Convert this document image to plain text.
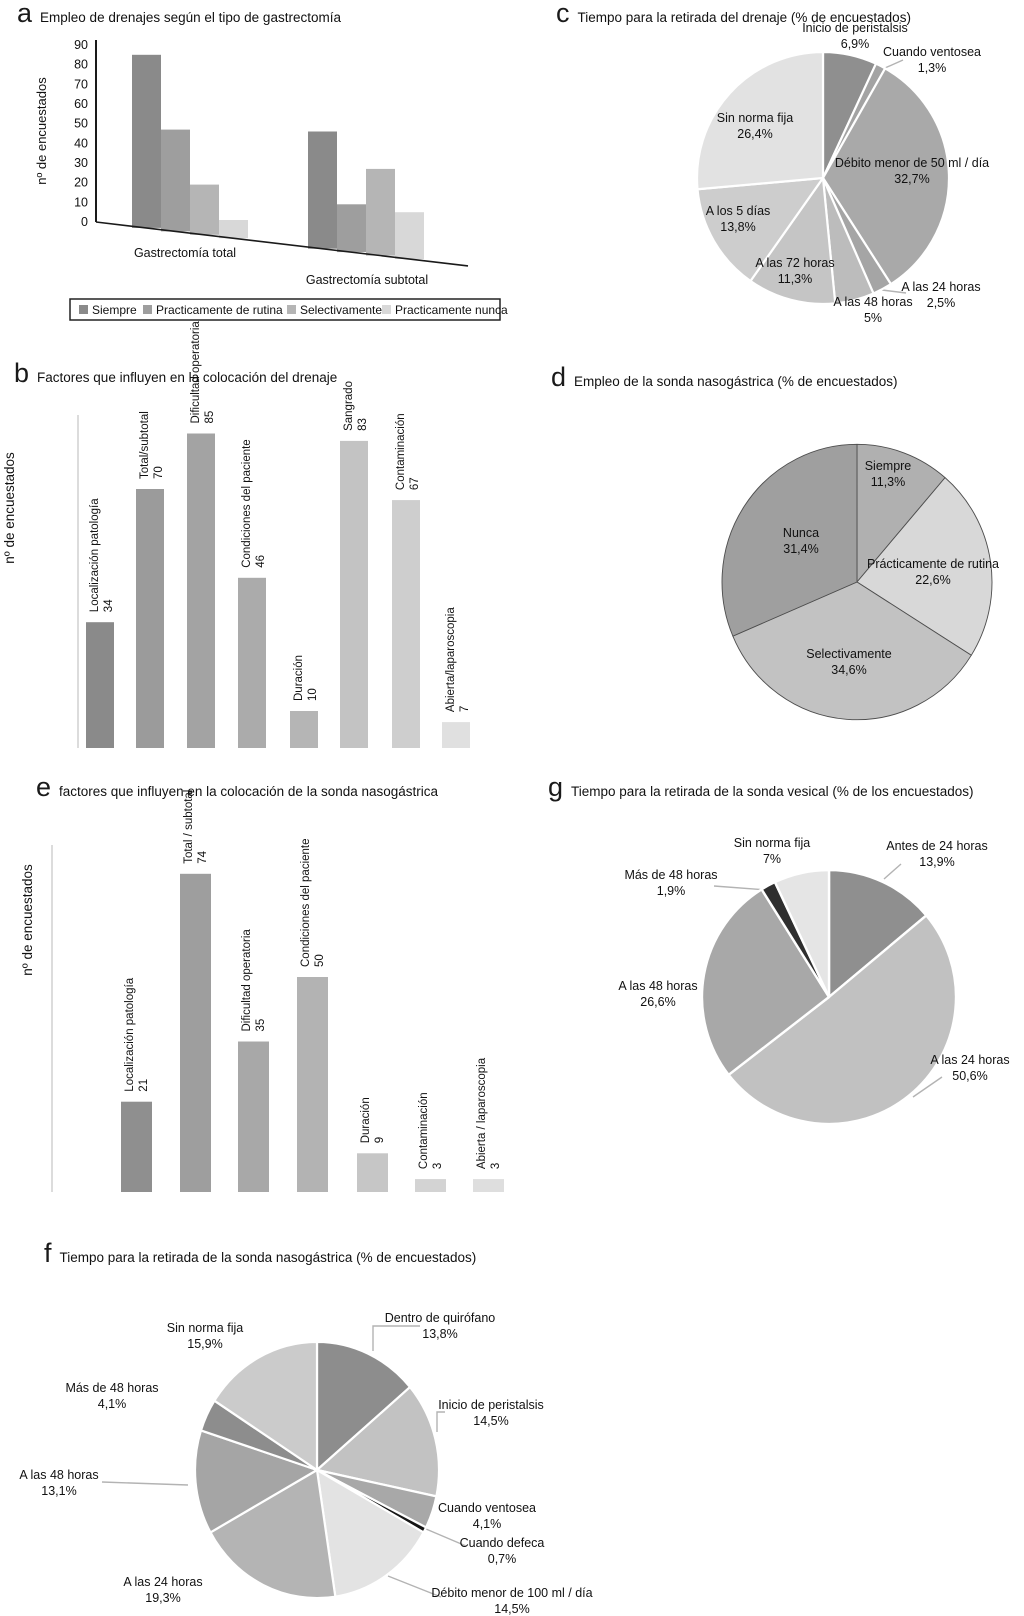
nº de encuestados
90
80
70
60
50
40
30
20
10
0
Gastrectomía total
Gastrectomía subtotal
Siempre Practicamente de rutina Selectivamente Practicamente nunca
nº de encuestados	Localización patología 34
Total/subtotal 70
Dificultad operatoria 85
Condiciones del paciente 46
Duración 10
Sangrado 83 Contaminación 67
Abierta/laparoscopia 7
nº de encuestados
Localización patología 21
Total / subtotal 74
Dificultad operatoria 35
Condiciones del paciente 50
Duración 9	Contaminación 3	Abierta / laparoscopia 3
Inicio de peristalsis
6,9%
Cuando ventosea
1,3%
Débito menor de 50 ml / día
32,7%
A las 24 horas
2,5%
A las 48 horas
5%
A las 72 horas
11,3%
A los 5 días
13,8%
Sin norma fija
26,4%
Siempre
11,3%
Prácticamente de rutina
22,6%
Selectivamente
34,6%
Nunca
31,4%
Antes de 24 horas
13,9%
A las 24 horas
50,6%
A las 48 horas
26,6%
Más de 48 horas
1,9%
Sin norma fija
7%
Dentro de quirófano
13,8%
Inicio de peristalsis
14,5%
Cuando ventosea
4,1%
Cuando defeca
0,7%
Débito menor de 100 ml / día
14,5%
A las 24 horas
19,3%
A las 48 horas
13,1%
Más de 48 horas
4,1%
Sin norma fija
15,9%
a Empleo de drenajes según el tipo de gastrectomía	c Tiempo para la retirada del drenaje (% de encuestados)
b Factores que influyen en la colocación del drenaje	d Empleo de la sonda nasogástrica (% de encuestados)
e factores que influyen en la colocación de la sonda nasogástrica	g Tiempo para la retirada de la sonda vesical (% de los encuestados)
f Tiempo para la retirada de la sonda nasogástrica (% de encuestados)
